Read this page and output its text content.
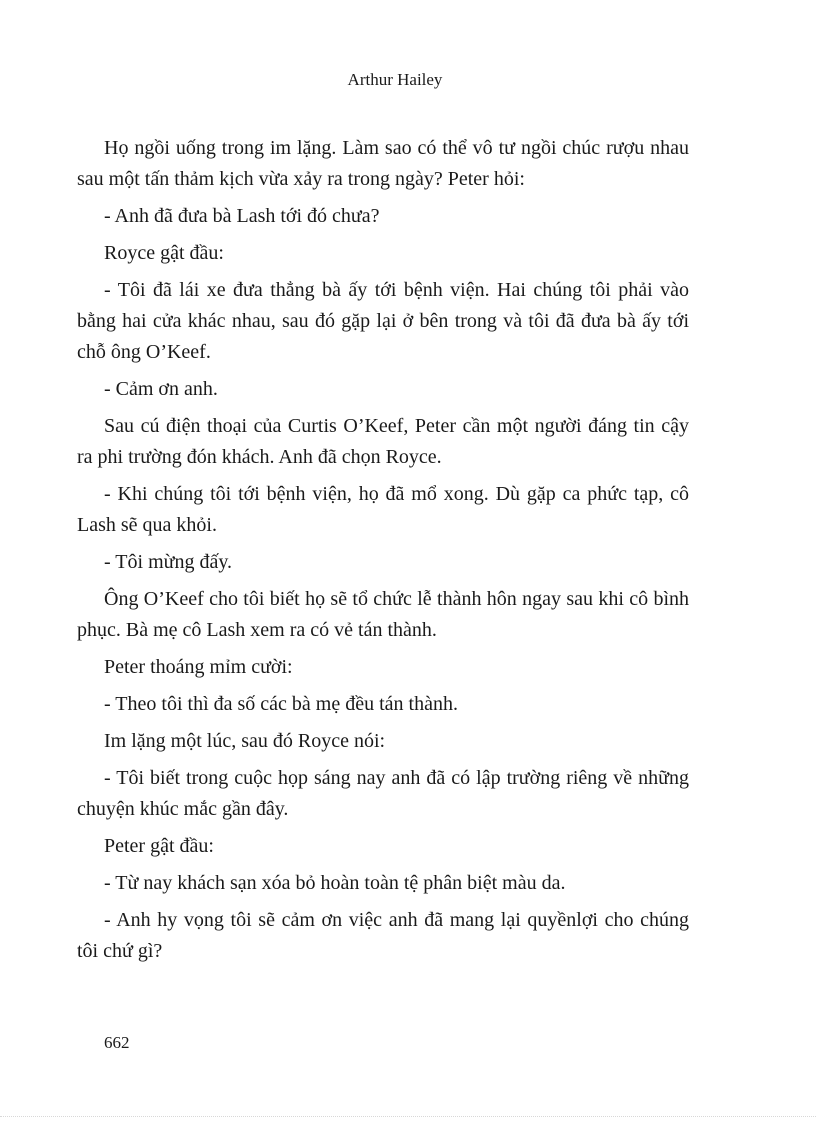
Arthur Hailey

Họ ngồi uống trong im lặng. Làm sao có thể vô tư ngồi chúc rượu nhau sau một tấn thảm kịch vừa xảy ra trong ngày? Peter hỏi:

- Anh đã đưa bà Lash tới đó chưa?

Royce gật đầu:

- Tôi đã lái xe đưa thẳng bà ấy tới bệnh viện. Hai chúng tôi phải vào bằng hai cửa khác nhau, sau đó gặp lại ở bên trong và tôi đã đưa bà ấy tới chỗ ông O’Keef.

- Cảm ơn anh.

Sau cú điện thoại của Curtis O’Keef, Peter cần một người đáng tin cậy ra phi trường đón khách. Anh đã chọn Royce.

- Khi chúng tôi tới bệnh viện, họ đã mổ xong. Dù gặp ca phức tạp, cô Lash sẽ qua khỏi.

- Tôi mừng đấy.

Ông O’Keef cho tôi biết họ sẽ tổ chức lễ thành hôn ngay sau khi cô bình phục. Bà mẹ cô Lash xem ra có vẻ tán thành.

Peter thoáng mỉm cười:

- Theo tôi thì đa số các bà mẹ đều tán thành.

Im lặng một lúc, sau đó Royce nói:

- Tôi biết trong cuộc họp sáng nay anh đã có lập trường riêng về những chuyện khúc mắc gần đây.

Peter gật đầu:

- Từ nay khách sạn xóa bỏ hoàn toàn tệ phân biệt màu da.

- Anh hy vọng tôi sẽ cảm ơn việc anh đã mang lại quyềnlợi cho chúng tôi chứ gì?

662
